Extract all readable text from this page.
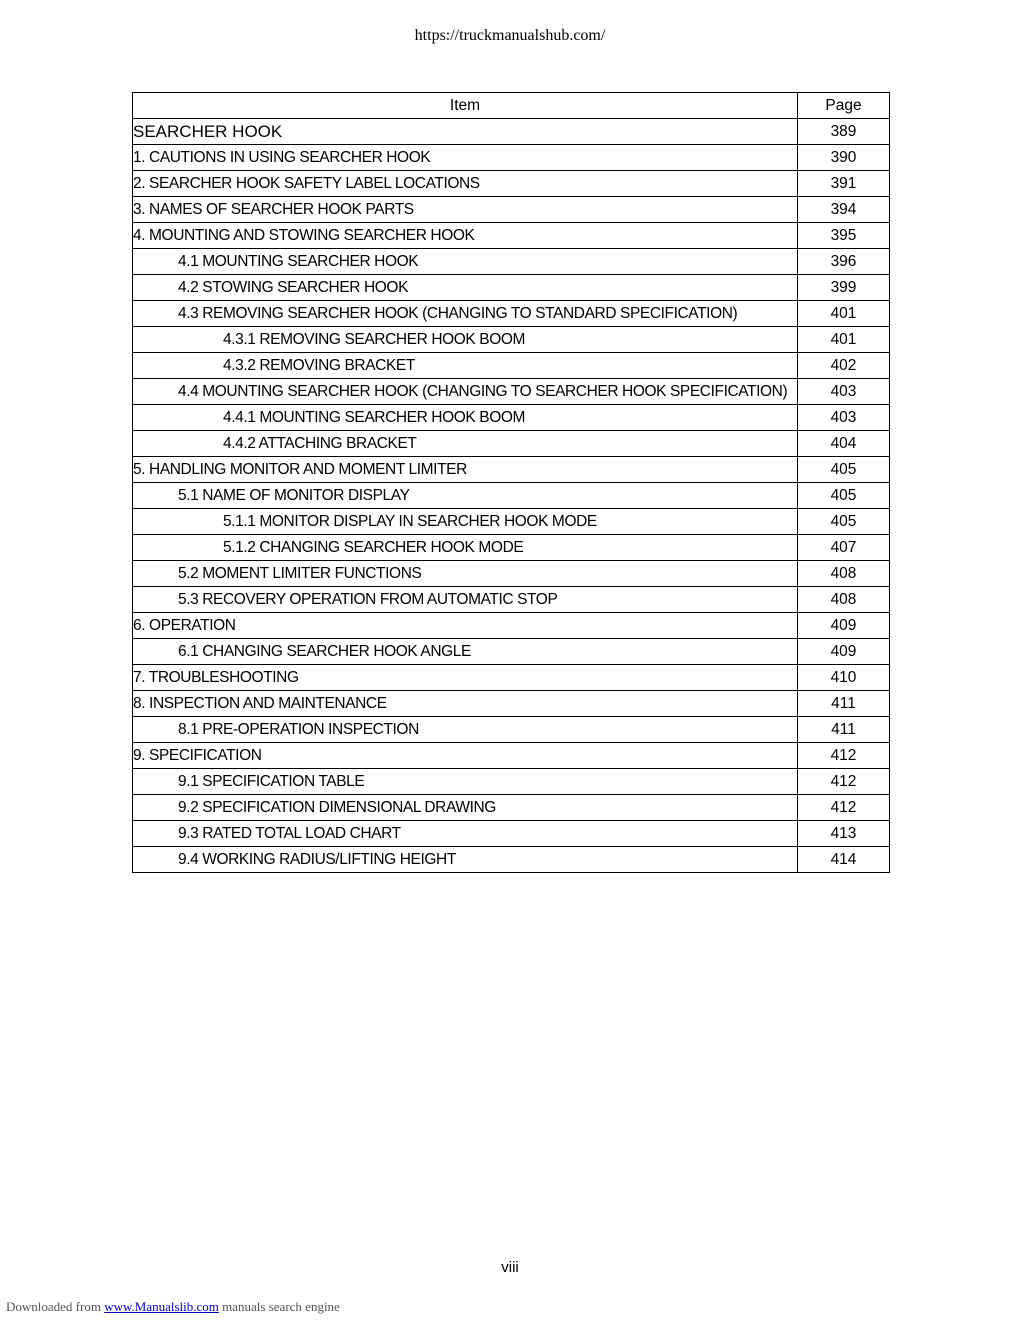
https://truckmanualshub.com/
Item	Page
SEARCHER HOOK	389
1. CAUTIONS IN USING SEARCHER HOOK	390
2. SEARCHER HOOK SAFETY LABEL LOCATIONS	391
3. NAMES OF SEARCHER HOOK PARTS	394
4. MOUNTING AND STOWING SEARCHER HOOK	395
4.1 MOUNTING SEARCHER HOOK	396
4.2 STOWING SEARCHER HOOK	399
4.3 REMOVING SEARCHER HOOK (CHANGING TO STANDARD SPECIFICATION)	401
4.3.1 REMOVING SEARCHER HOOK BOOM	401
4.3.2 REMOVING BRACKET	402
4.4 MOUNTING SEARCHER HOOK (CHANGING TO SEARCHER HOOK SPECIFICATION)	403
4.4.1 MOUNTING SEARCHER HOOK BOOM	403
4.4.2 ATTACHING BRACKET	404
5. HANDLING MONITOR AND MOMENT LIMITER	405
5.1 NAME OF MONITOR DISPLAY	405
5.1.1 MONITOR DISPLAY IN SEARCHER HOOK MODE	405
5.1.2 CHANGING SEARCHER HOOK MODE	407
5.2 MOMENT LIMITER FUNCTIONS	408
5.3 RECOVERY OPERATION FROM AUTOMATIC STOP	408
6. OPERATION	409
6.1 CHANGING SEARCHER HOOK ANGLE	409
7. TROUBLESHOOTING	410
8. INSPECTION AND MAINTENANCE	411
8.1 PRE-OPERATION INSPECTION	411
9. SPECIFICATION	412
9.1 SPECIFICATION TABLE	412
9.2 SPECIFICATION DIMENSIONAL DRAWING	412
9.3 RATED TOTAL LOAD CHART	413
9.4 WORKING RADIUS/LIFTING HEIGHT	414
viii
Downloaded from www.Manualslib.com manuals search engine
